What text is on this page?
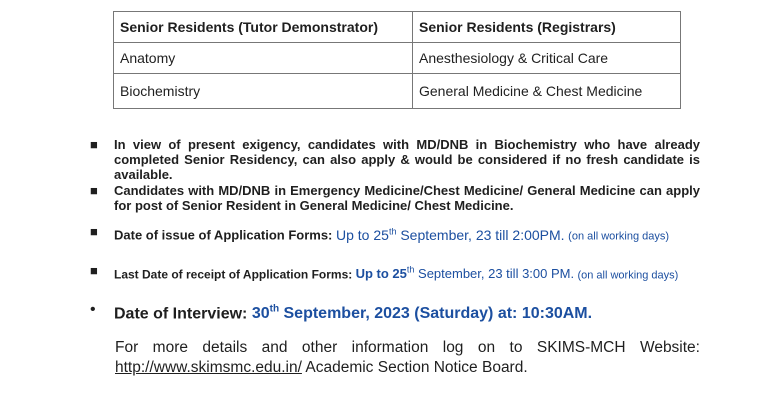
Senior Residents (Tutor Demonstrator)	Senior Residents (Registrars)
Anatomy	Anesthesiology & Critical Care
Biochemistry	General Medicine & Chest Medicine
■ In view of present exigency, candidates with MD/DNB in Biochemistry who have already completed Senior Residency, can also apply & would be considered if no fresh candidate is available.
■ Candidates with MD/DNB in Emergency Medicine/Chest Medicine/ General Medicine can apply for post of Senior Resident in General Medicine/ Chest Medicine.
■ Date of issue of Application Forms: Up to 25th September, 23 till 2:00PM. (on all working days)
■ Last Date of receipt of Application Forms: Up to 25th September, 23 till 3:00 PM. (on all working days)
• Date of Interview: 30th September, 2023 (Saturday) at: 10:30AM.
For more details and other information log on to SKIMS-MCH Website: http://www.skimsmc.edu.in/ Academic Section Notice Board.
